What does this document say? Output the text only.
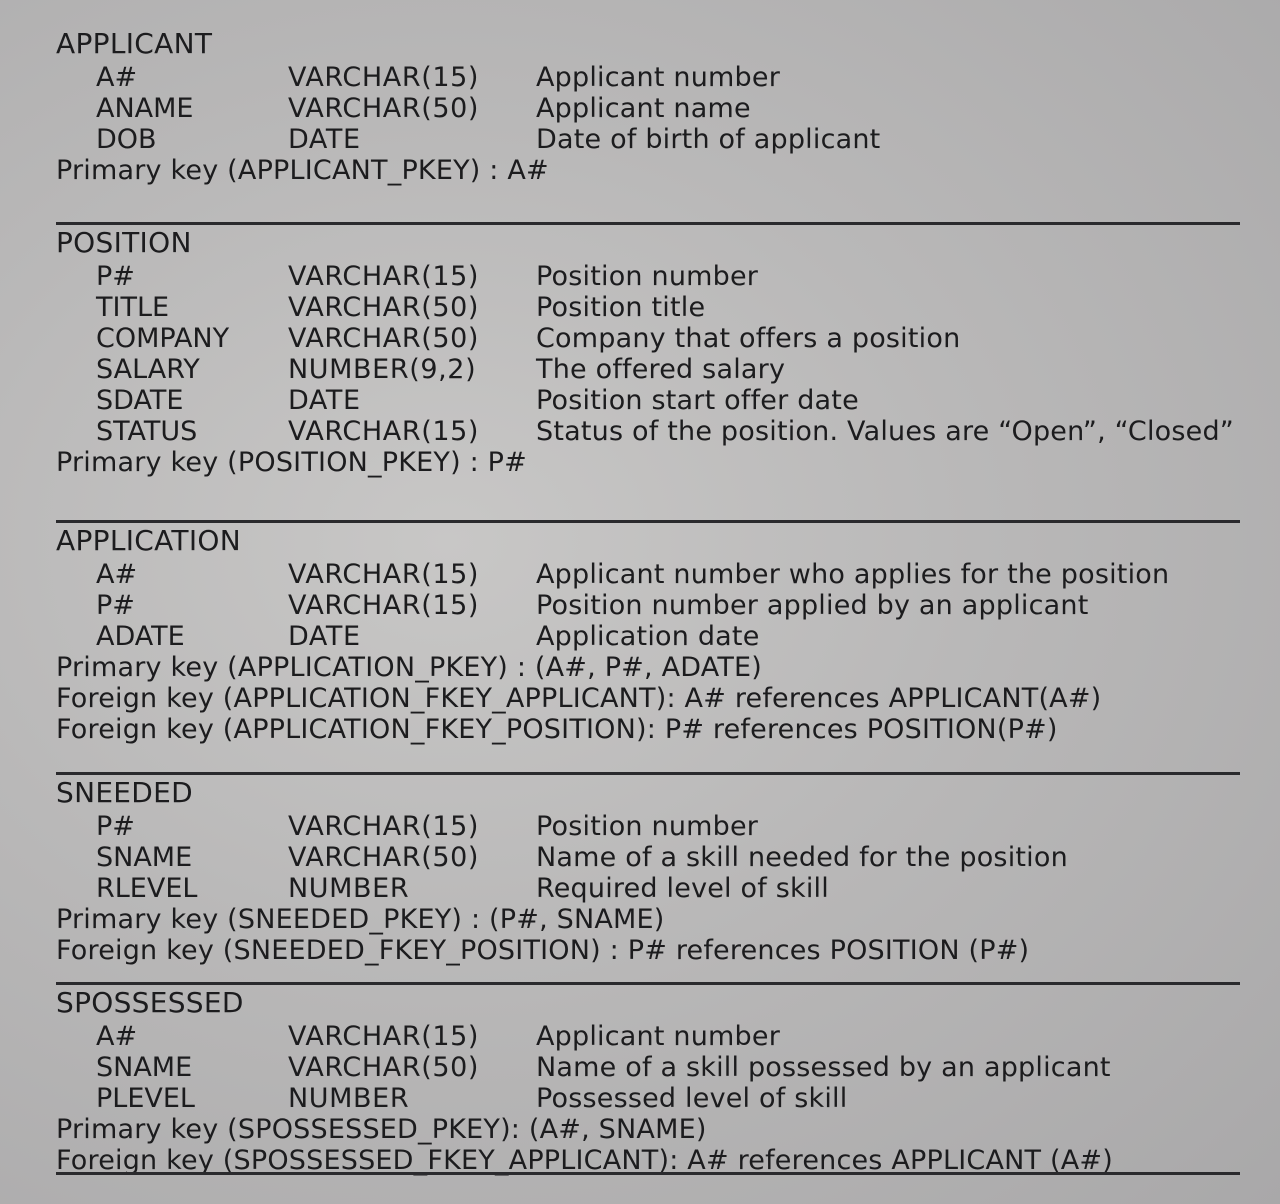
APPLICANT
A#	VARCHAR(15)	Applicant number
ANAME	VARCHAR(50)	Applicant name
DOB	DATE	Date of birth of applicant
Primary key (APPLICANT_PKEY) : A#
POSITION
P#	VARCHAR(15)	Position number
TITLE	VARCHAR(50)	Position title
COMPANY	VARCHAR(50)	Company that offers a position
SALARY	NUMBER(9,2)	The offered salary
SDATE	DATE	Position start offer date
STATUS	VARCHAR(15)	Status of the position. Values are “Open”, “Closed”
Primary key (POSITION_PKEY) : P#
APPLICATION
A#	VARCHAR(15)	Applicant number who applies for the position
P#	VARCHAR(15)	Position number applied by an applicant
ADATE	DATE	Application date
Primary key (APPLICATION_PKEY) : (A#, P#, ADATE)
Foreign key (APPLICATION_FKEY_APPLICANT): A# references APPLICANT(A#)
Foreign key (APPLICATION_FKEY_POSITION): P# references POSITION(P#)
SNEEDED
P#	VARCHAR(15)	Position number
SNAME	VARCHAR(50)	Name of a skill needed for the position
RLEVEL	NUMBER	Required level of skill
Primary key (SNEEDED_PKEY) : (P#, SNAME)
Foreign key (SNEEDED_FKEY_POSITION) : P# references POSITION (P#)
SPOSSESSED
A#	VARCHAR(15)	Applicant number
SNAME	VARCHAR(50)	Name of a skill possessed by an applicant
PLEVEL	NUMBER	Possessed level of skill
Primary key (SPOSSESSED_PKEY): (A#, SNAME)
Foreign key (SPOSSESSED_FKEY_APPLICANT): A# references APPLICANT (A#)
